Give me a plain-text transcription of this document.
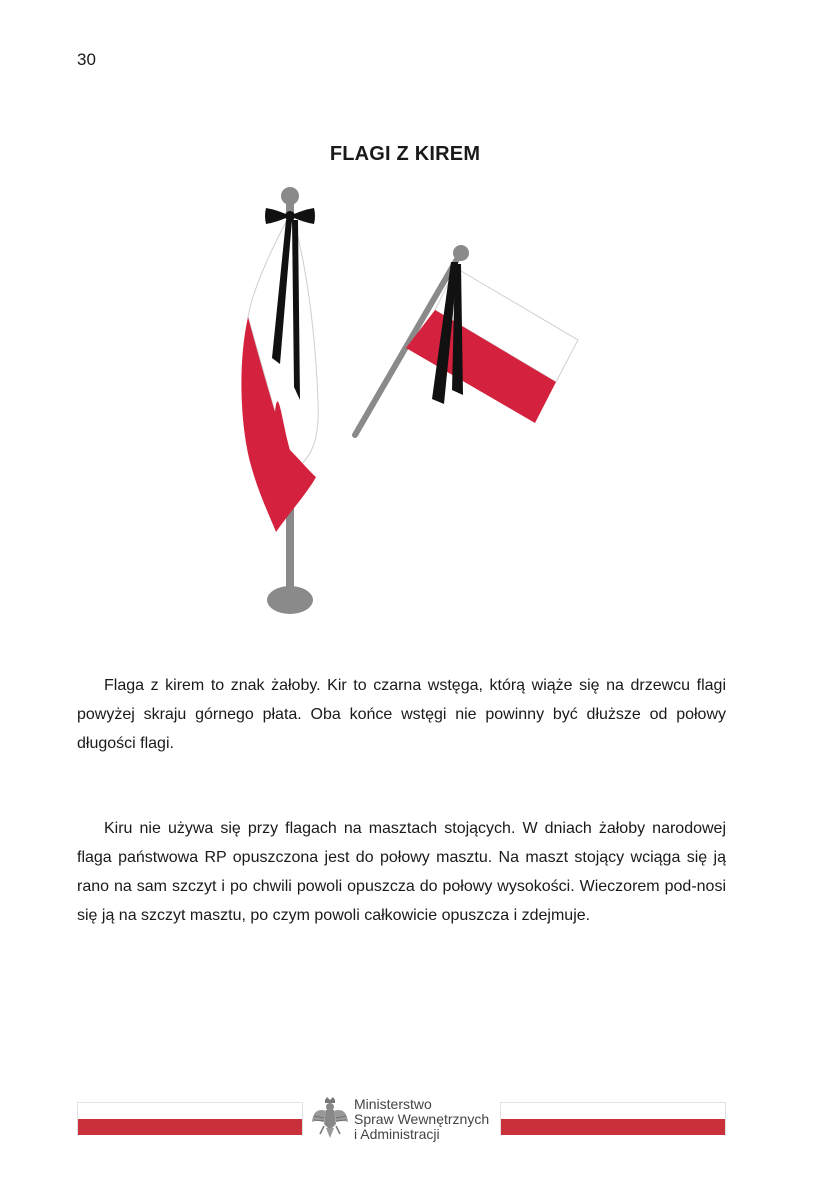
30
FLAGI Z KIREM

Flaga z kirem to znak żałoby. Kir to czarna wstęga, którą wiąże się na drzewcu flagi powyżej skraju górnego płata. Oba końce wstęgi nie powinny być dłuższe od połowy długości flagi.

Kiru nie używa się przy flagach na masztach stojących. W dniach żałoby narodowej flaga państwowa RP opuszczona jest do połowy masztu. Na maszt stojący wciąga się ją rano na sam szczyt i po chwili powoli opuszcza do połowy wysokości. Wieczorem pod-nosi się ją na szczyt masztu, po czym powoli całkowicie opuszcza i zdejmuje.

Ministerstwo
Spraw Wewnętrznych
i Administracji
